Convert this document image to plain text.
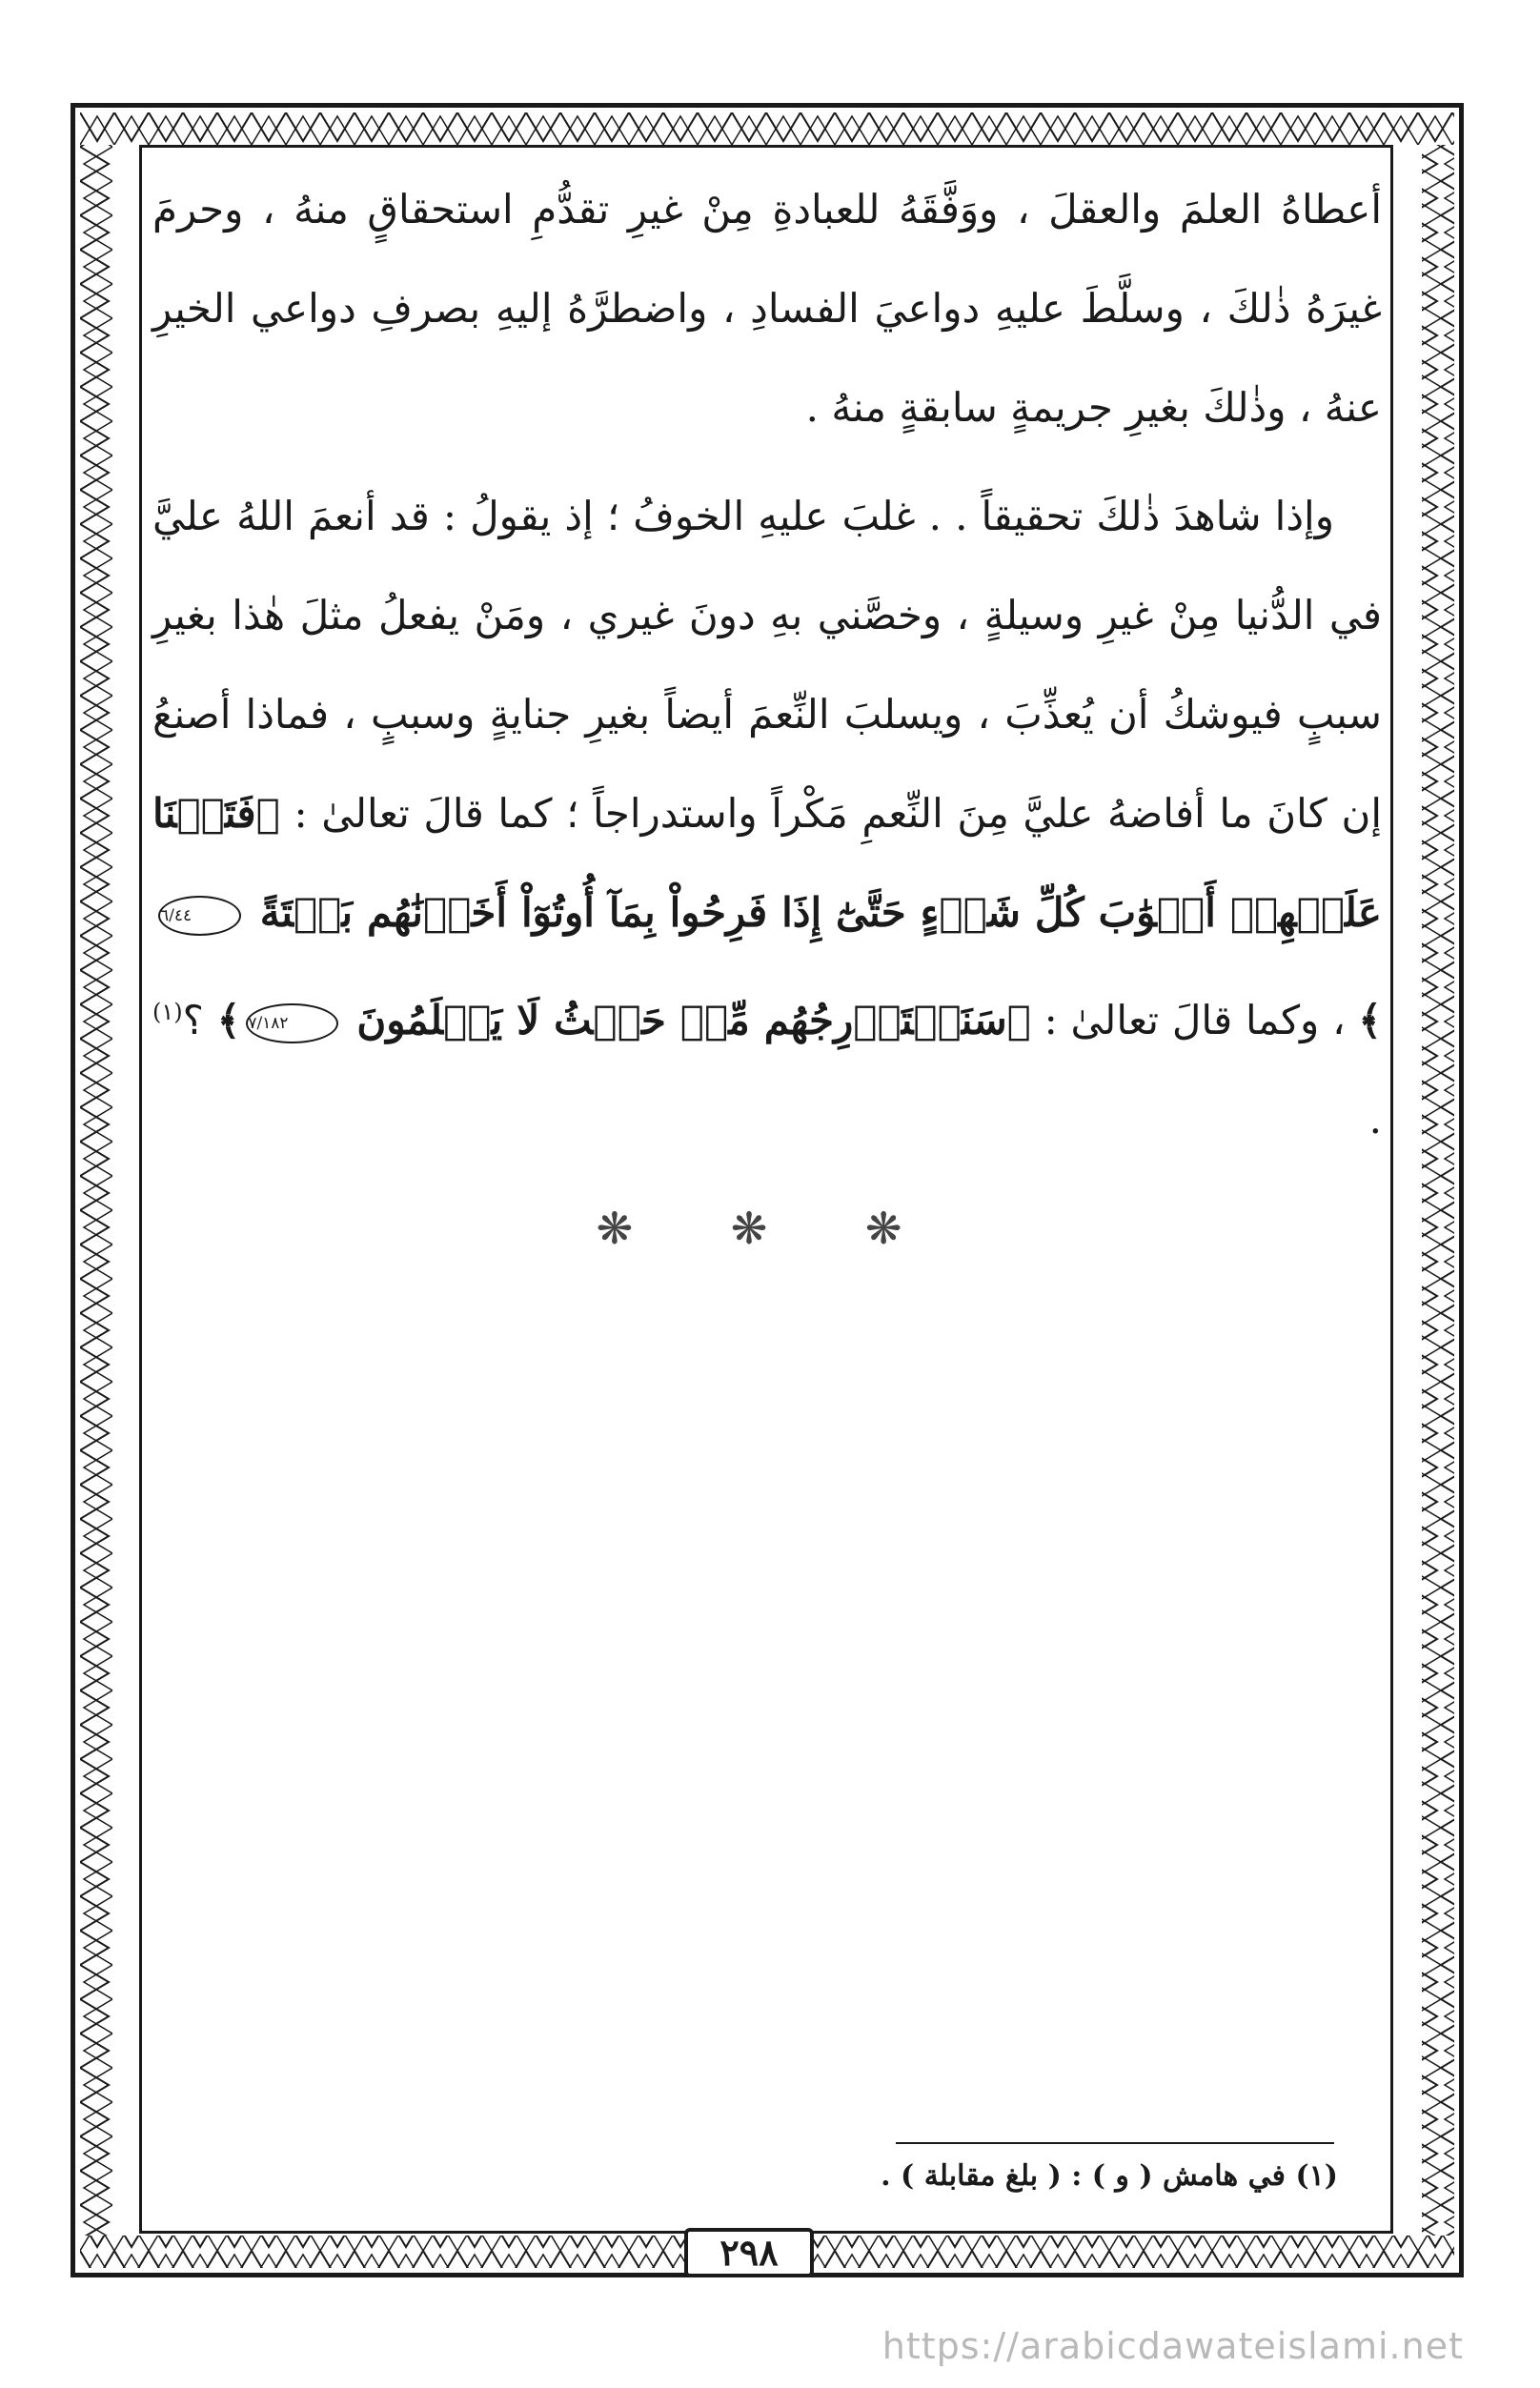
أعطاهُ العلمَ والعقلَ ، ووَفَّقَهُ للعبادةِ مِنْ غيرِ تقدُّمِ استحقاقٍ منهُ ، وحرمَ غيرَهُ ذٰلكَ ، وسلَّطَ عليهِ دواعيَ الفسادِ ، واضطرَّهُ إليهِ بصرفِ دواعي الخيرِ عنهُ ، وذٰلكَ بغيرِ جريمةٍ سابقةٍ منهُ .

وإذا شاهدَ ذٰلكَ تحقيقاً . . غلبَ عليهِ الخوفُ ؛ إذ يقولُ : قد أنعمَ اللهُ عليَّ في الدُّنيا مِنْ غيرِ وسيلةٍ ، وخصَّني بهِ دونَ غيري ، ومَنْ يفعلُ مثلَ هٰذا بغيرِ سببٍ فيوشكُ أن يُعذِّبَ ، ويسلبَ النِّعمَ أيضاً بغيرِ جنايةٍ وسببٍ ، فماذا أصنعُ إن كانَ ما أفاضهُ عليَّ مِنَ النِّعمِ مَكْراً واستدراجاً ؛ كما قالَ تعالىٰ : ﴿فَتَحۡنَا عَلَيۡهِمۡ أَبۡوَٰبَ كُلِّ شَيۡءٍ حَتَّىٰٓ إِذَا فَرِحُواْ بِمَآ أُوتُوٓاْ أَخَذۡنَٰهُم بَغۡتَةً ٦/٤٤﴾ ، وكما قالَ تعالىٰ : ﴿سَنَسۡتَدۡرِجُهُم مِّنۡ حَيۡثُ لَا يَعۡلَمُونَ ٧/١٨٢﴾ ؟$^{(١)}$ .

❋ ❋ ❋
(١) في هامش ( و ) : ( بلغ مقابلة ) .
٢٩٨
https://arabicdawateislami.net
